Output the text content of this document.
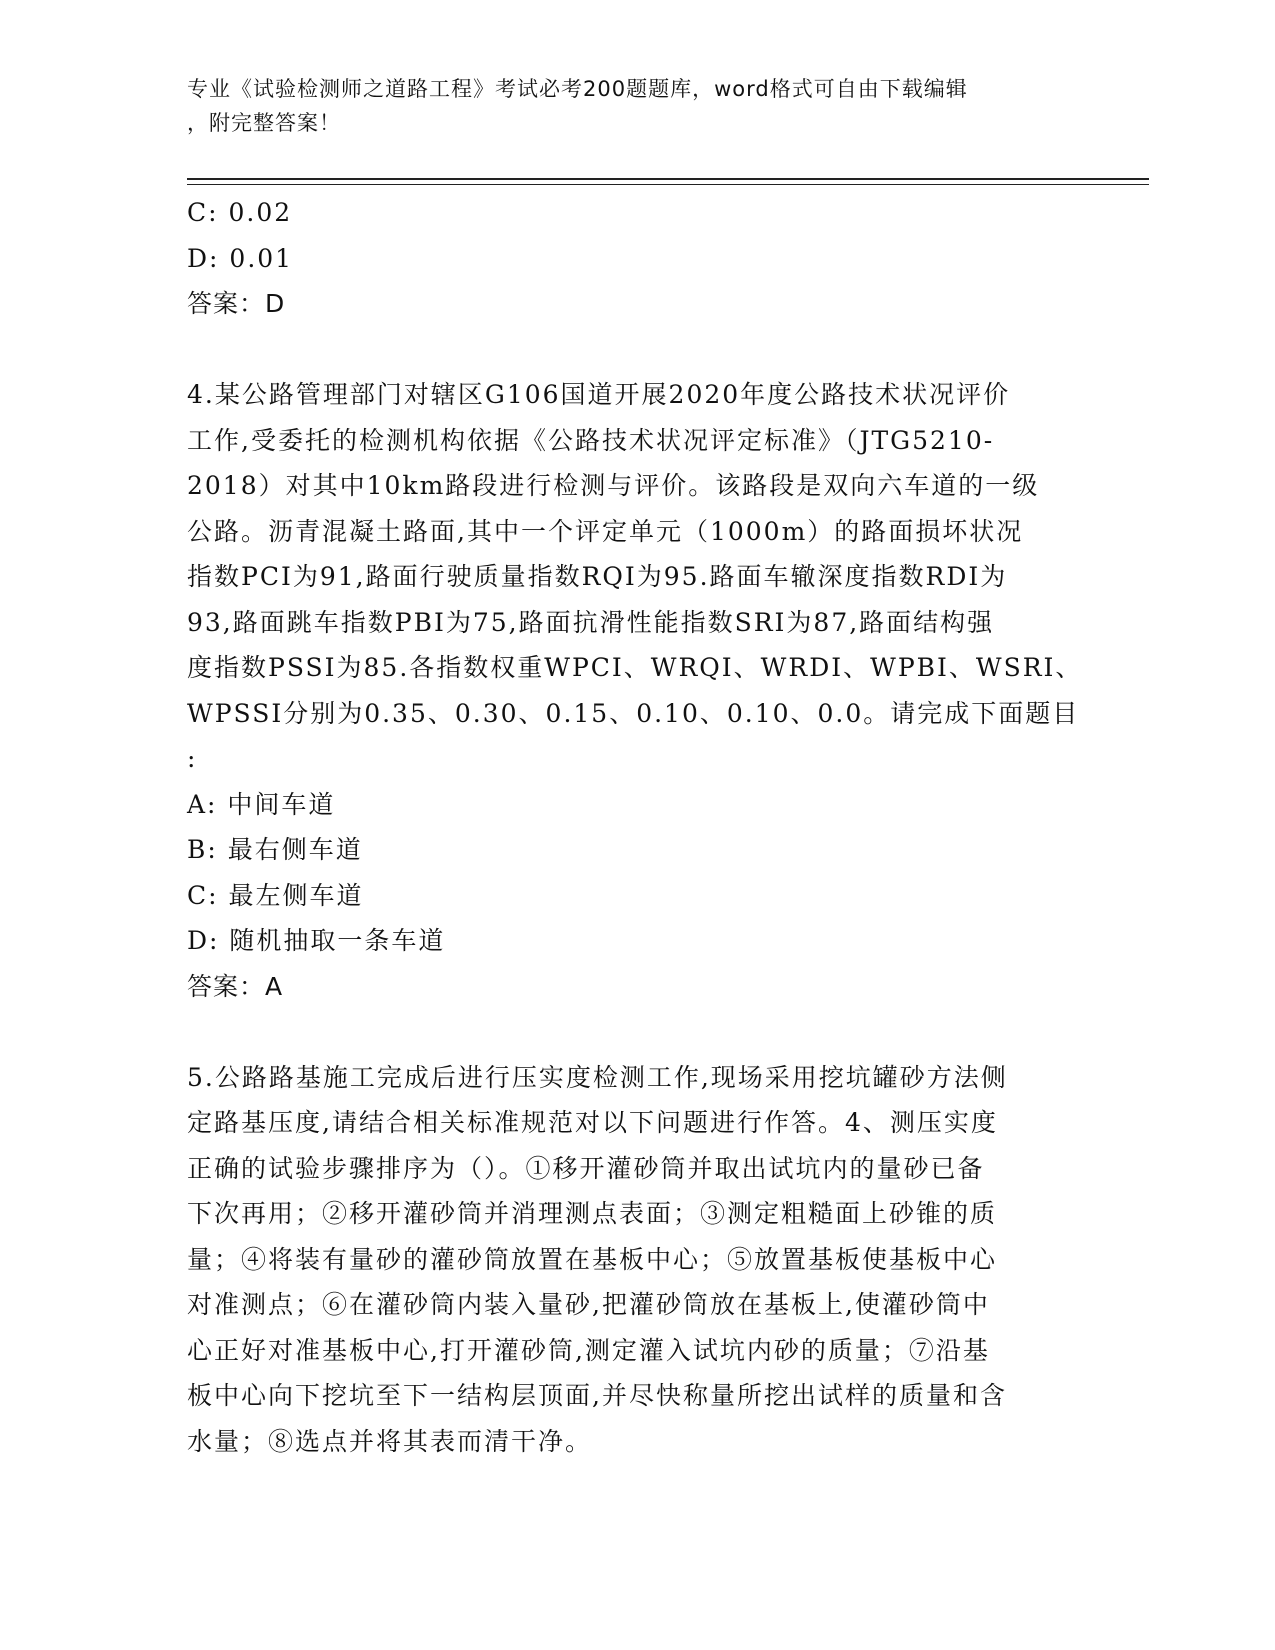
专业《试验检测师之道路工程》考试必考200题题库，word格式可自由下载编辑
，附完整答案！
C: 0.02
D: 0.01
答案：D
4.某公路管理部门对辖区G106国道开展2020年度公路技术状况评价
工作,受委托的检测机构依据《公路技术状况评定标准》（JTG5210-
2018）对其中10km路段进行检测与评价。该路段是双向六车道的一级
公路。沥青混凝土路面,其中一个评定单元（1000m）的路面损坏状况
指数PCI为91,路面行驶质量指数RQI为95.路面车辙深度指数RDI为
93,路面跳车指数PBI为75,路面抗滑性能指数SRI为87,路面结构强
度指数PSSI为85.各指数权重WPCI、WRQI、WRDI、WPBI、WSRI、
WPSSI分别为0.35、0.30、0.15、0.10、0.10、0.0。请完成下面题目
:
A: 中间车道
B: 最右侧车道
C: 最左侧车道
D: 随机抽取一条车道
答案：A
5.公路路基施工完成后进行压实度检测工作,现场采用挖坑罐砂方法侧
定路基压度,请结合相关标准规范对以下问题进行作答。4、测压实度
正确的试验步骤排序为（）。①移开灌砂筒并取出试坑内的量砂已备
下次再用；②移开灌砂筒并消理测点表面；③测定粗糙面上砂锥的质
量；④将装有量砂的灌砂筒放置在基板中心；⑤放置基板使基板中心
对准测点；⑥在灌砂筒内装入量砂,把灌砂筒放在基板上,使灌砂筒中
心正好对准基板中心,打开灌砂筒,测定灌入试坑内砂的质量；⑦沿基
板中心向下挖坑至下一结构层顶面,并尽快称量所挖出试样的质量和含
水量；⑧选点并将其表而清干净。
